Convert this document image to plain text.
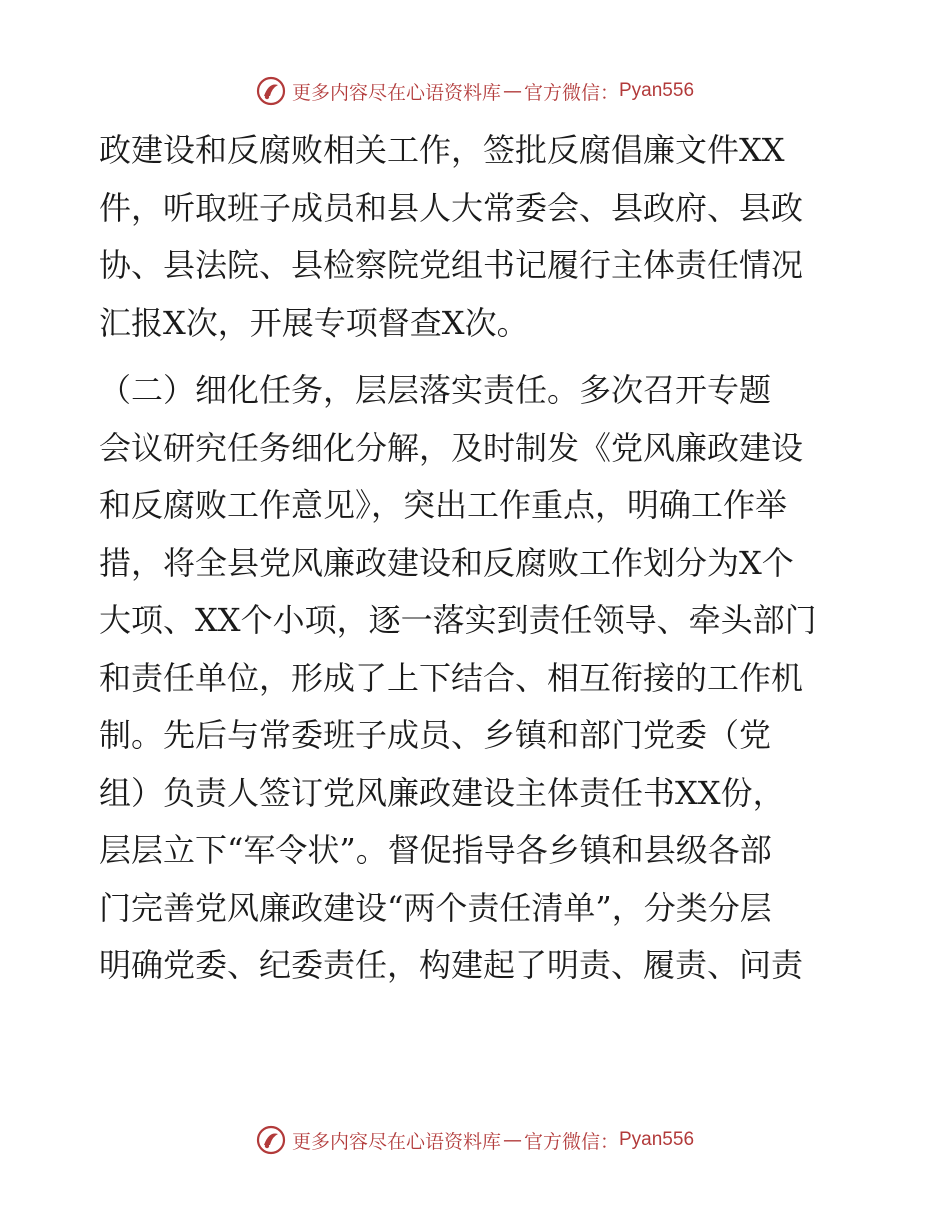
更多内容尽在心语资料库 — 官方微信： Pyan556
政建设和反腐败相关工作，签批反腐倡廉文件XX
件，听取班子成员和县人大常委会、县政府、县政
协、县法院、县检察院党组书记履行主体责任情况
汇报X次，开展专项督查X次。
（二）细化任务，层层落实责任。多次召开专题
会议研究任务细化分解，及时制发《党风廉政建设
和反腐败工作意见》，突出工作重点，明确工作举
措，将全县党风廉政建设和反腐败工作划分为X个
大项、XX个小项，逐一落实到责任领导、牵头部门
和责任单位，形成了上下结合、相互衔接的工作机
制。先后与常委班子成员、乡镇和部门党委（党
组）负责人签订党风廉政建设主体责任书XX份，
层层立下“军令状”。督促指导各乡镇和县级各部
门完善党风廉政建设“两个责任清单”，分类分层
明确党委、纪委责任，构建起了明责、履责、问责
更多内容尽在心语资料库 — 官方微信： Pyan556
